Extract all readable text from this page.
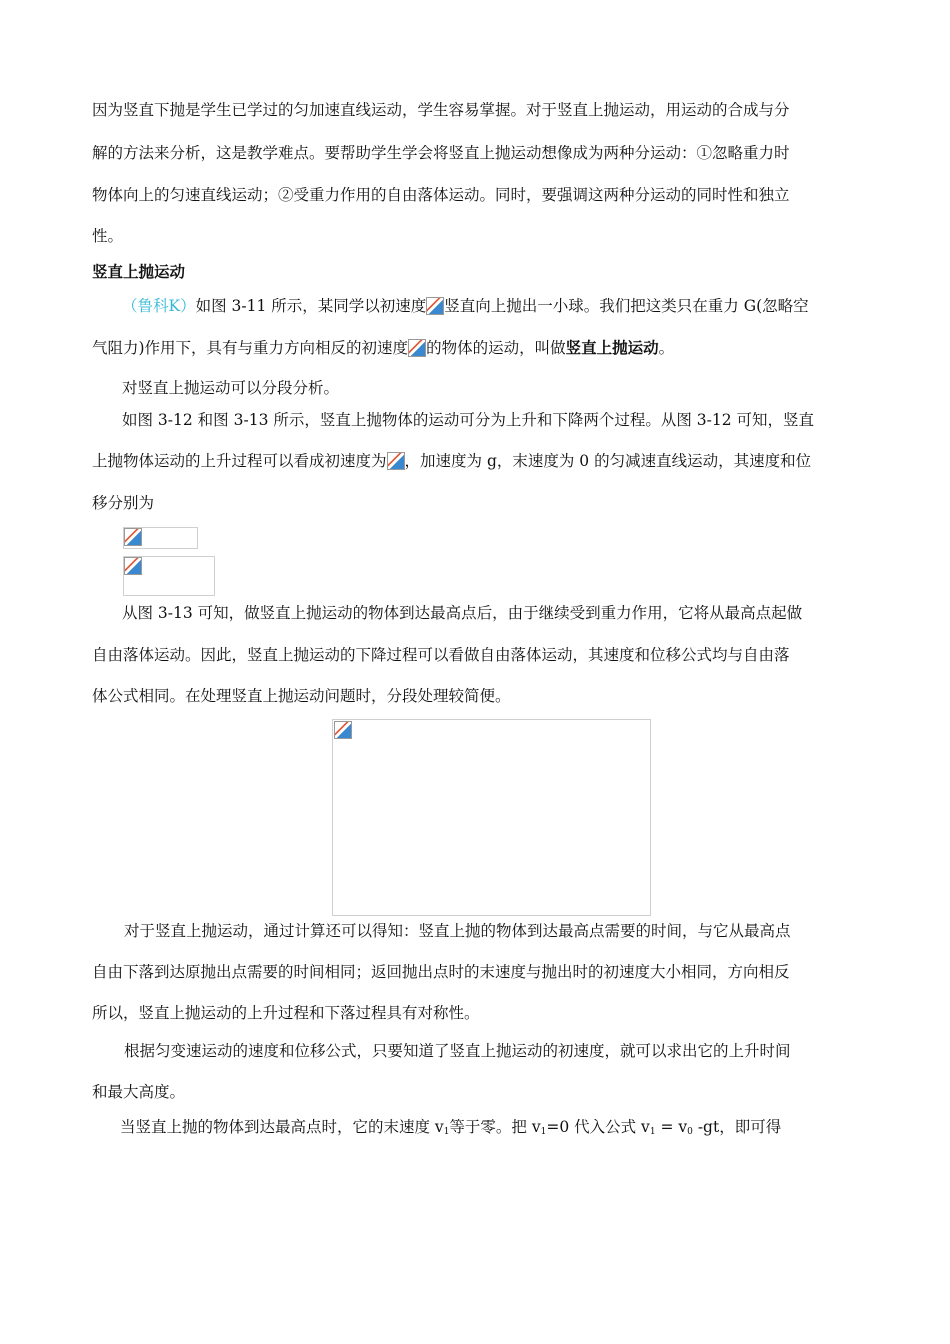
因为竖直下抛是学生已学过的匀加速直线运动，学生容易掌握。对于竖直上抛运动，用运动的合成与分
解的方法来分析，这是教学难点。要帮助学生学会将竖直上抛运动想像成为两种分运动：①忽略重力时
物体向上的匀速直线运动；②受重力作用的自由落体运动。同时，要强调这两种分运动的同时性和独立
性。
竖直上抛运动
（鲁科K）如图 3-11 所示，某同学以初速度 竖直向上抛出一小球。我们把这类只在重力 G(忽略空
气阻力)作用下，具有与重力方向相反的初速度 的物体的运动，叫做竖直上抛运动。
对竖直上抛运动可以分段分析。
如图 3-12 和图 3-13 所示，竖直上抛物体的运动可分为上升和下降两个过程。从图 3-12 可知，竖直
上抛物体运动的上升过程可以看成初速度为 ，加速度为 g，末速度为 0 的匀减速直线运动，其速度和位
移分别为
从图 3-13 可知，做竖直上抛运动的物体到达最高点后，由于继续受到重力作用，它将从最高点起做
自由落体运动。因此，竖直上抛运动的下降过程可以看做自由落体运动，其速度和位移公式均与自由落
体公式相同。在处理竖直上抛运动问题时，分段处理较简便。
对于竖直上抛运动，通过计算还可以得知：竖直上抛的物体到达最高点需要的时间，与它从最高点
自由下落到达原抛出点需要的时间相同；返回抛出点时的末速度与抛出时的初速度大小相同，方向相反
所以，竖直上抛运动的上升过程和下落过程具有对称性。
根据匀变速运动的速度和位移公式，只要知道了竖直上抛运动的初速度，就可以求出它的上升时间
和最大高度。
当竖直上抛的物体到达最高点时，它的末速度 $v_1$等于零。把 $v_1=0$ 代入公式 $v_1 = v_0$ -gt，即可得
